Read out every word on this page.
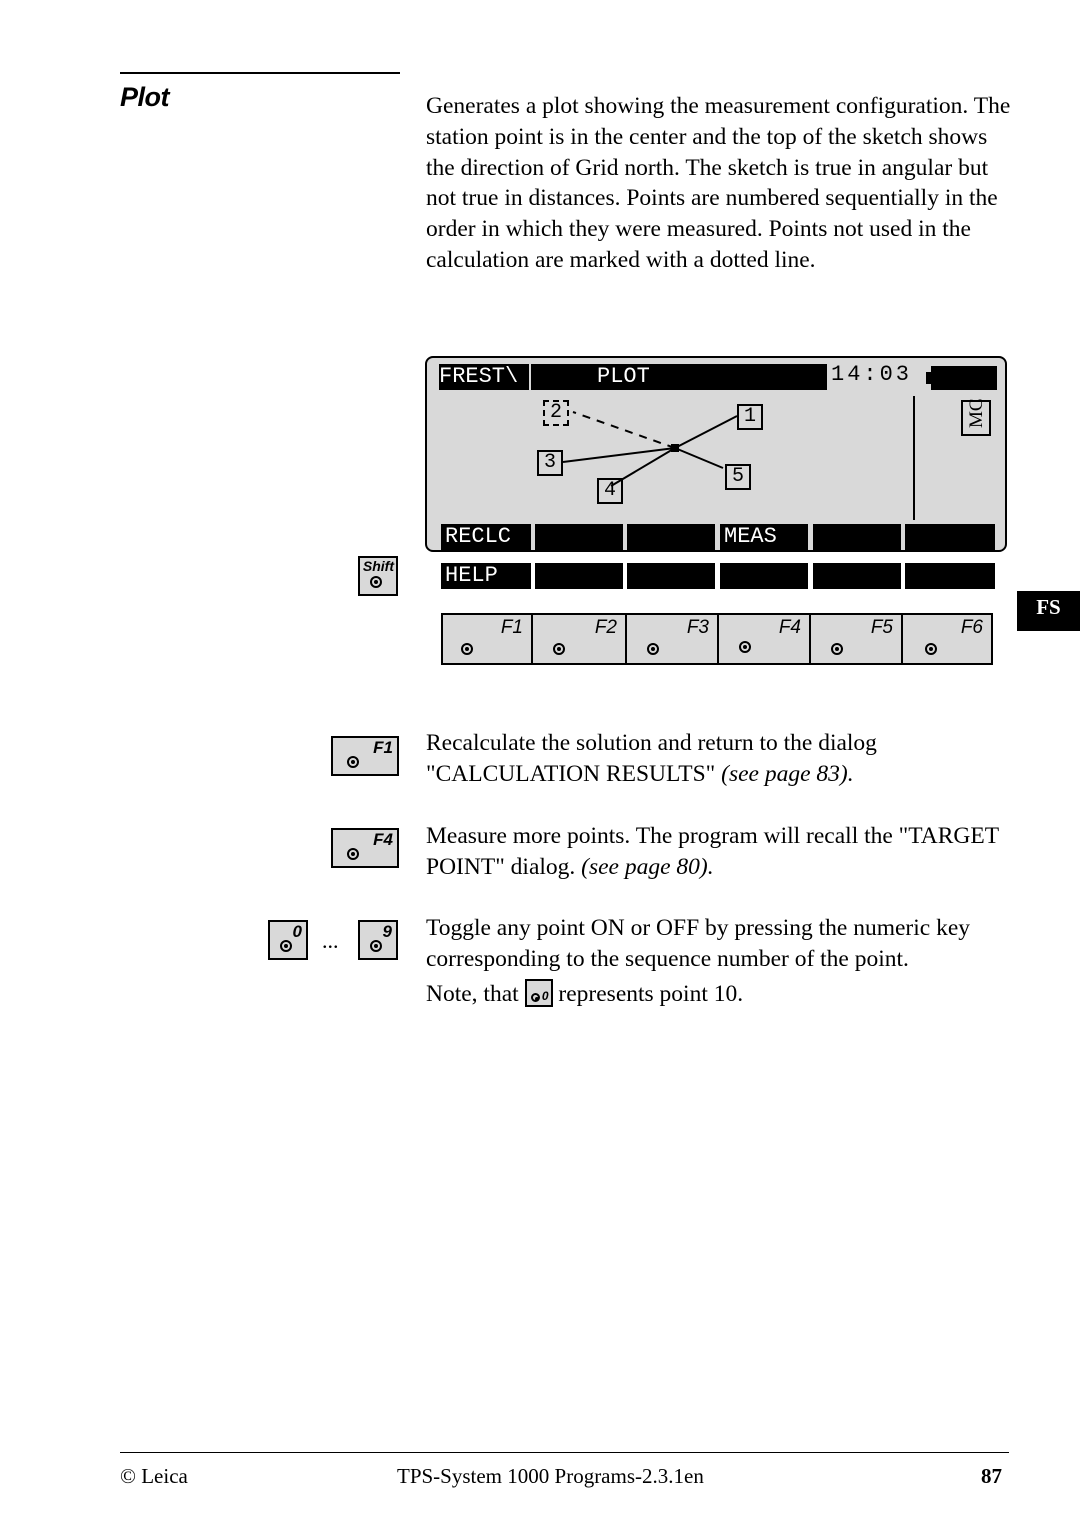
Plot	Generates a plot showing the measurement configuration. The station point is in the center and the top of the sketch shows the direction of Grid north. The sketch is true in angular but not true in distances. Points are numbered sequentially in the order in which they were measured. Points not used in the calculation are marked with a dotted line.
FREST\	PLOT	14:03
MC
1
2
3
4
5
RECLC	MEAS
HELP
Shift
F1	F2	F3	F4	F5	F6
FS
F1 Recalculate the solution and return to the dialog "CALCULATION RESULTS" (see page 83).
F4 Measure more points. The program will recall the "TARGET POINT" dialog. (see page 80).
0 ...	9 Toggle any point ON or OFF by pressing the numeric key corresponding to the sequence number of the point.
Note, that 0 represents point 10.
© Leica	TPS-System 1000 Programs-2.3.1en	87
